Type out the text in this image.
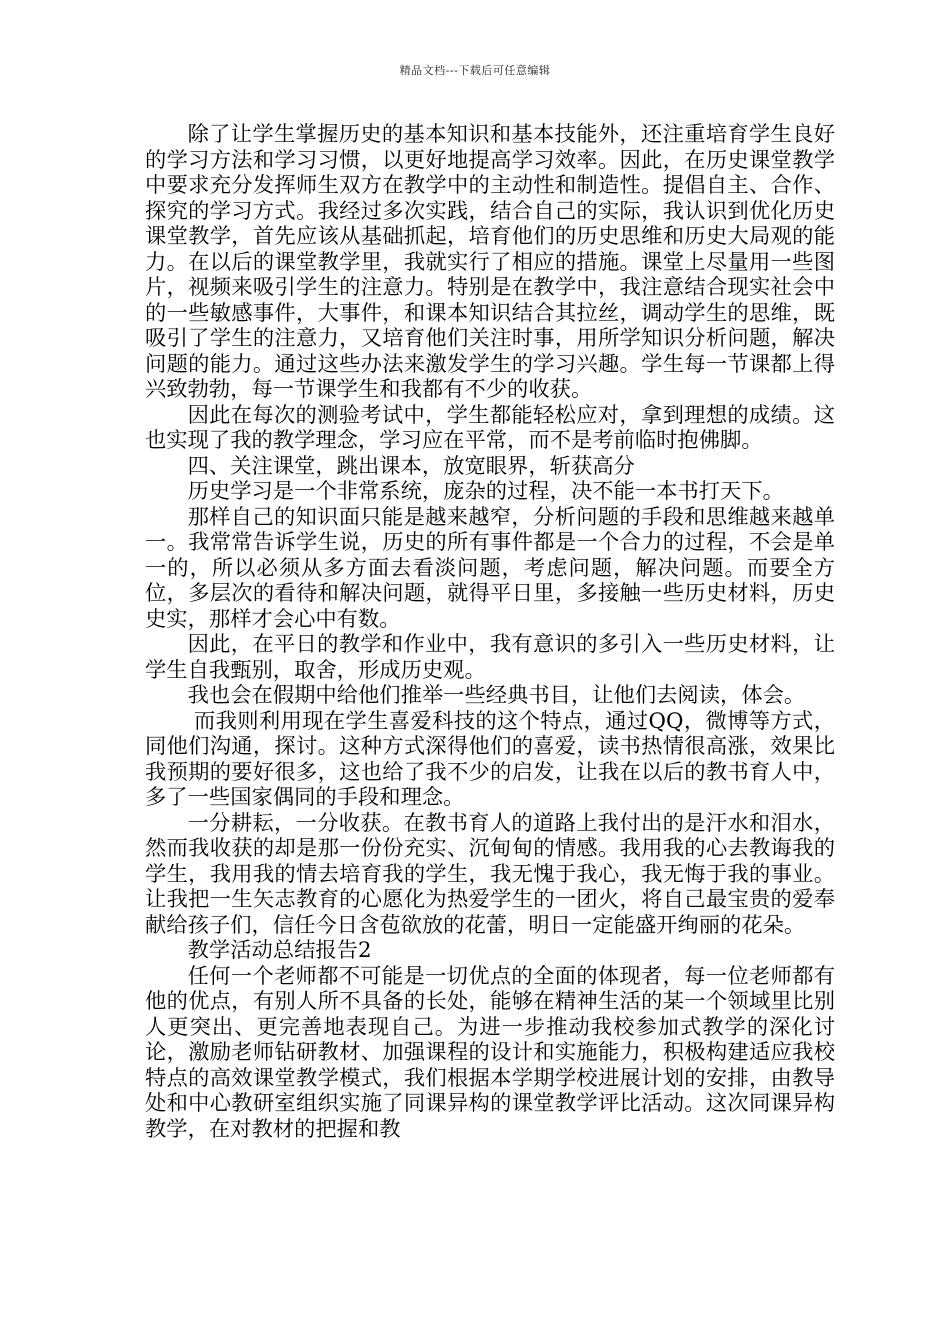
精品文档---下载后可任意编辑

除了让学生掌握历史的基本知识和基本技能外，还注重培育学生良好的学习方法和学习习惯，以更好地提高学习效率。因此，在历史课堂教学中要求充分发挥师生双方在教学中的主动性和制造性。提倡自主、合作、探究的学习方式。我经过多次实践，结合自己的实际，我认识到优化历史课堂教学，首先应该从基础抓起，培育他们的历史思维和历史大局观的能力。在以后的课堂教学里，我就实行了相应的措施。课堂上尽量用一些图片，视频来吸引学生的注意力。特别是在教学中，我注意结合现实社会中的一些敏感事件，大事件，和课本知识结合其拉丝，调动学生的思维，既吸引了学生的注意力，又培育他们关注时事，用所学知识分析问题，解决问题的能力。通过这些办法来激发学生的学习兴趣。学生每一节课都上得兴致勃勃，每一节课学生和我都有不少的收获。

因此在每次的测验考试中，学生都能轻松应对，拿到理想的成绩。这也实现了我的教学理念，学习应在平常，而不是考前临时抱佛脚。

四、关注课堂，跳出课本，放宽眼界，斩获高分

历史学习是一个非常系统，庞杂的过程，决不能一本书打天下。

那样自己的知识面只能是越来越窄，分析问题的手段和思维越来越单一。我常常告诉学生说，历史的所有事件都是一个合力的过程，不会是单一的，所以必须从多方面去看淡问题，考虑问题，解决问题。而要全方位，多层次的看待和解决问题，就得平日里，多接触一些历史材料，历史史实，那样才会心中有数。

因此，在平日的教学和作业中，我有意识的多引入一些历史材料，让学生自我甄别，取舍，形成历史观。

我也会在假期中给他们推举一些经典书目，让他们去阅读，体会。

而我则利用现在学生喜爱科技的这个特点，通过QQ，微博等方式，同他们沟通，探讨。这种方式深得他们的喜爱，读书热情很高涨，效果比我预期的要好很多，这也给了我不少的启发，让我在以后的教书育人中，多了一些国家偶同的手段和理念。

一分耕耘，一分收获。在教书育人的道路上我付出的是汗水和泪水，然而我收获的却是那一份份充实、沉甸甸的情感。我用我的心去教诲我的学生，我用我的情去培育我的学生，我无愧于我心，我无悔于我的事业。让我把一生矢志教育的心愿化为热爱学生的一团火，将自己最宝贵的爱奉献给孩子们，信任今日含苞欲放的花蕾，明日一定能盛开绚丽的花朵。

教学活动总结报告2

任何一个老师都不可能是一切优点的全面的体现者，每一位老师都有他的优点，有别人所不具备的长处，能够在精神生活的某一个领域里比别人更突出、更完善地表现自己。为进一步推动我校参加式教学的深化讨论，激励老师钻研教材、加强课程的设计和实施能力，积极构建适应我校特点的高效课堂教学模式，我们根据本学期学校进展计划的安排，由教导处和中心教研室组织实施了同课异构的课堂教学评比活动。这次同课异构教学，在对教材的把握和教
